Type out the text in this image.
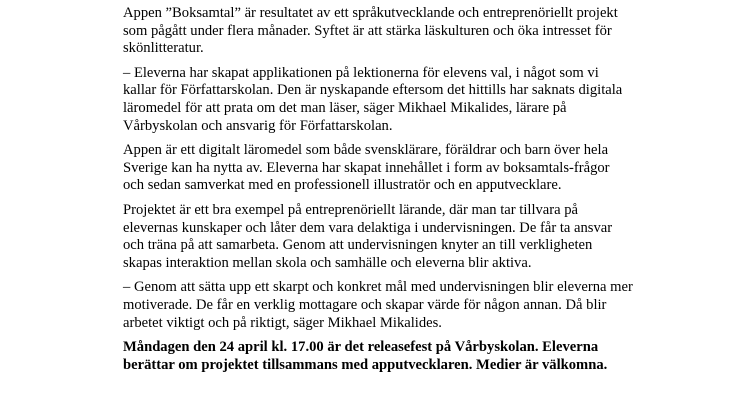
Appen ”Boksamtal” är resultatet av ett språkutvecklande och entreprenöriellt projekt som pågått under flera månader. Syftet är att stärka läskulturen och öka intresset för skönlitteratur.

– Eleverna har skapat applikationen på lektionerna för elevens val, i något som vi kallar för Författarskolan. Den är nyskapande eftersom det hittills har saknats digitala läromedel för att prata om det man läser, säger Mikhael Mikalides, lärare på Vårbyskolan och ansvarig för Författarskolan.

Appen är ett digitalt läromedel som både svensklärare, föräldrar och barn över hela Sverige kan ha nytta av. Eleverna har skapat innehållet i form av boksamtals-frågor och sedan samverkat med en professionell illustratör och en apputvecklare.

Projektet är ett bra exempel på entreprenöriellt lärande, där man tar tillvara på elevernas kunskaper och låter dem vara delaktiga i undervisningen. De får ta ansvar och träna på att samarbeta. Genom att undervisningen knyter an till verkligheten skapas interaktion mellan skola och samhälle och eleverna blir aktiva.

– Genom att sätta upp ett skarpt och konkret mål med undervisningen blir eleverna mer motiverade. De får en verklig mottagare och skapar värde för någon annan. Då blir arbetet viktigt och på riktigt, säger Mikhael Mikalides.

Måndagen den 24 april kl. 17.00 är det releasefest på Vårbyskolan. Eleverna berättar om projektet tillsammans med apputvecklaren. Medier är välkomna.
